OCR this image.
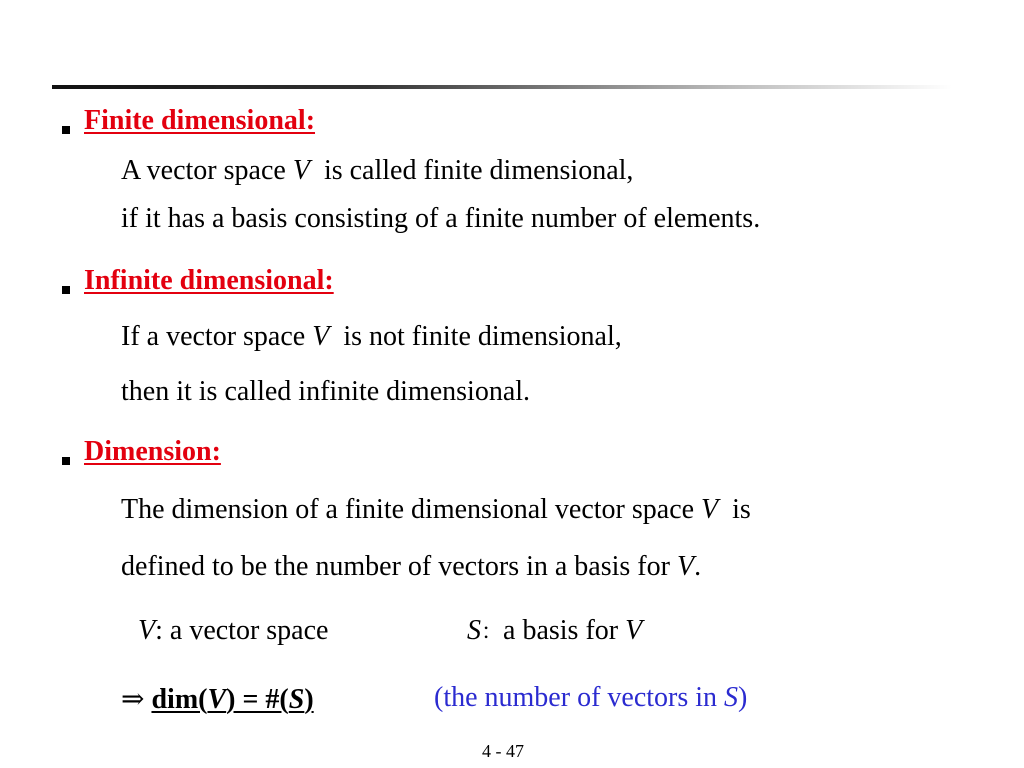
Finite dimensional:
A vector space V  is called finite dimensional,
if it has a basis consisting of a finite number of elements.
Infinite dimensional:
If a vector space V  is not finite dimensional,
then it is called infinite dimensional.
Dimension:
The dimension of a finite dimensional vector space V  is
defined to be the number of vectors in a basis for V.
V: a vector space	S：a basis for V
⇒ dim(V) = #(S)	(the number of vectors in S)
4 - 47
